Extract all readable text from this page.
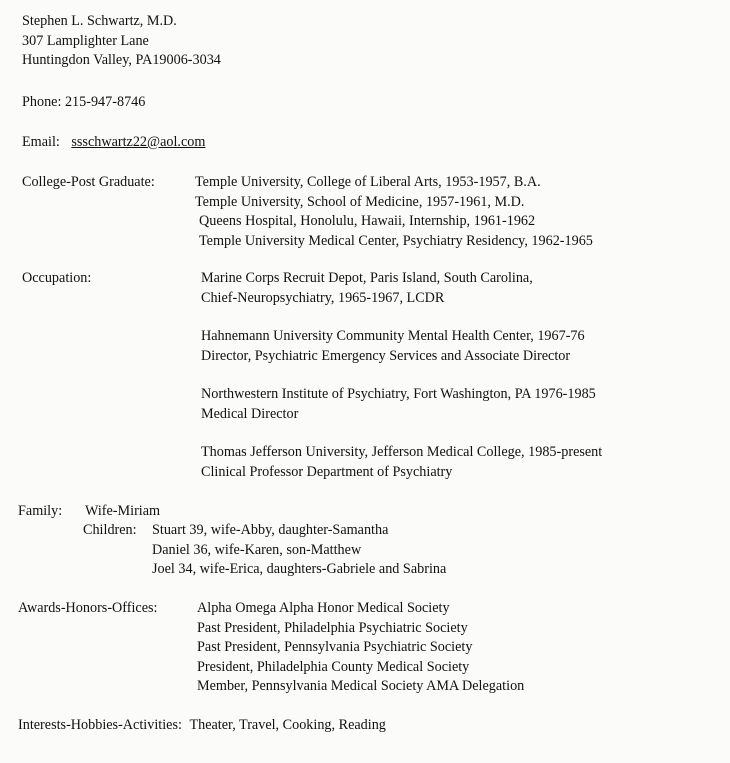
Stephen L. Schwartz, M.D.
307 Lamplighter Lane
Huntingdon Valley, PA19006-3034
Phone: 215-947-8746
Email: ssschwartz22@aol.com
College-Post Graduate:	Temple University, College of Liberal Arts, 1953-1957, B.A.
Temple University, School of Medicine, 1957-1961, M.D.
Queens Hospital, Honolulu, Hawaii, Internship, 1961-1962
Temple University Medical Center, Psychiatry Residency, 1962-1965
Occupation:	Marine Corps Recruit Depot, Paris Island, South Carolina,
Chief-Neuropsychiatry, 1965-1967, LCDR
Hahnemann University Community Mental Health Center, 1967-76
Director, Psychiatric Emergency Services and Associate Director
Northwestern Institute of Psychiatry, Fort Washington, PA 1976-1985
Medical Director
Thomas Jefferson University, Jefferson Medical College, 1985-present
Clinical Professor Department of Psychiatry
Family: Wife-Miriam
Children: Stuart 39, wife-Abby, daughter-Samantha
Daniel 36, wife-Karen, son-Matthew
Joel 34, wife-Erica, daughters-Gabriele and Sabrina
Awards-Honors-Offices:	Alpha Omega Alpha Honor Medical Society
Past President, Philadelphia Psychiatric Society
Past President, Pennsylvania Psychiatric Society
President, Philadelphia County Medical Society
Member, Pennsylvania Medical Society AMA Delegation
Interests-Hobbies-Activities: Theater, Travel, Cooking, Reading
